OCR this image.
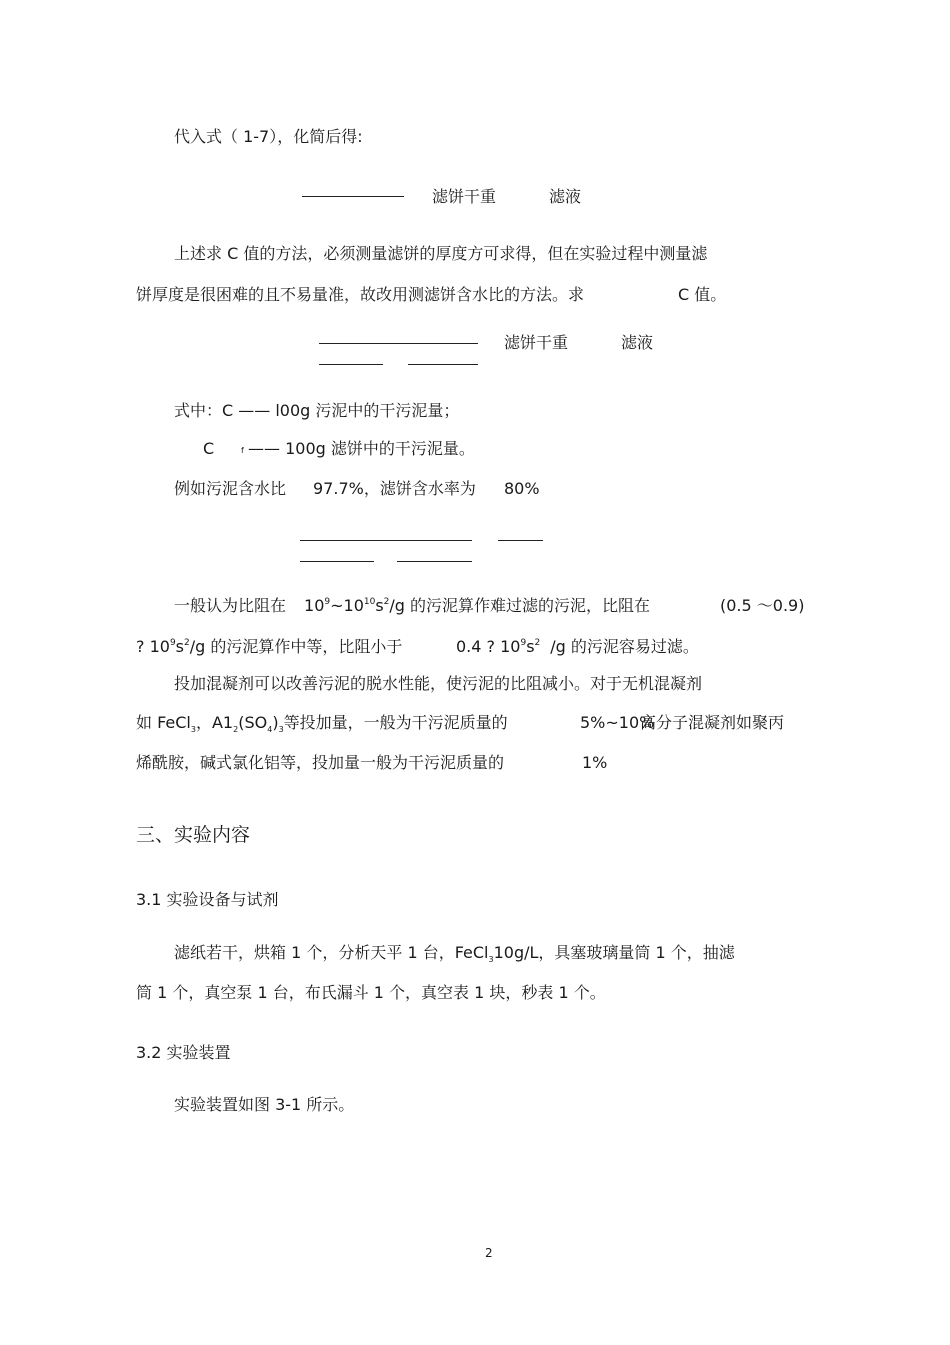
代入式（ 1-7），化简后得:
滤饼干重	滤液
上述求 C 值的方法，必须测量滤饼的厚度方可求得，但在实验过程中测量滤
饼厚度是很困难的且不易量准，故改用测滤饼含水比的方法。求	C 值。
滤饼干重	滤液
式中：C —— l00g 污泥中的干污泥量；
C	f —— 100g 滤饼中的干污泥量。
例如污泥含水比 97.7%，滤饼含水率为 80%
一般认为比阻在 $10^9\sim 10^{10}s^2/g$ 的污泥算作难过滤的污泥，比阻在	(0.5 ～0.9)
? $10^9s^2/g$ 的污泥算作中等，比阻小于	0.4 ? $10^9s^2$ /g 的污泥容易过滤。
投加混凝剂可以改善污泥的脱水性能，使污泥的比阻减小。对于无机混凝剂
如 FeCl$_3$，$A1_2(SO_4)_3$等投加量，一般为干污泥质量的	5%~10%
高分子混凝剂如聚丙
烯酰胺，碱式氯化铝等，投加量一般为干污泥质量的	1%
三、实验内容
3.1 实验设备与试剂
滤纸若干，烘箱 1 个，分析天平 1 台，FeCl$_3$10g/L，具塞玻璃量筒 1 个，抽滤
筒 1 个，真空泵 1 台，布氏漏斗 1 个，真空表 1 块，秒表 1 个。
3.2 实验装置
实验装置如图 3-1 所示。
2
